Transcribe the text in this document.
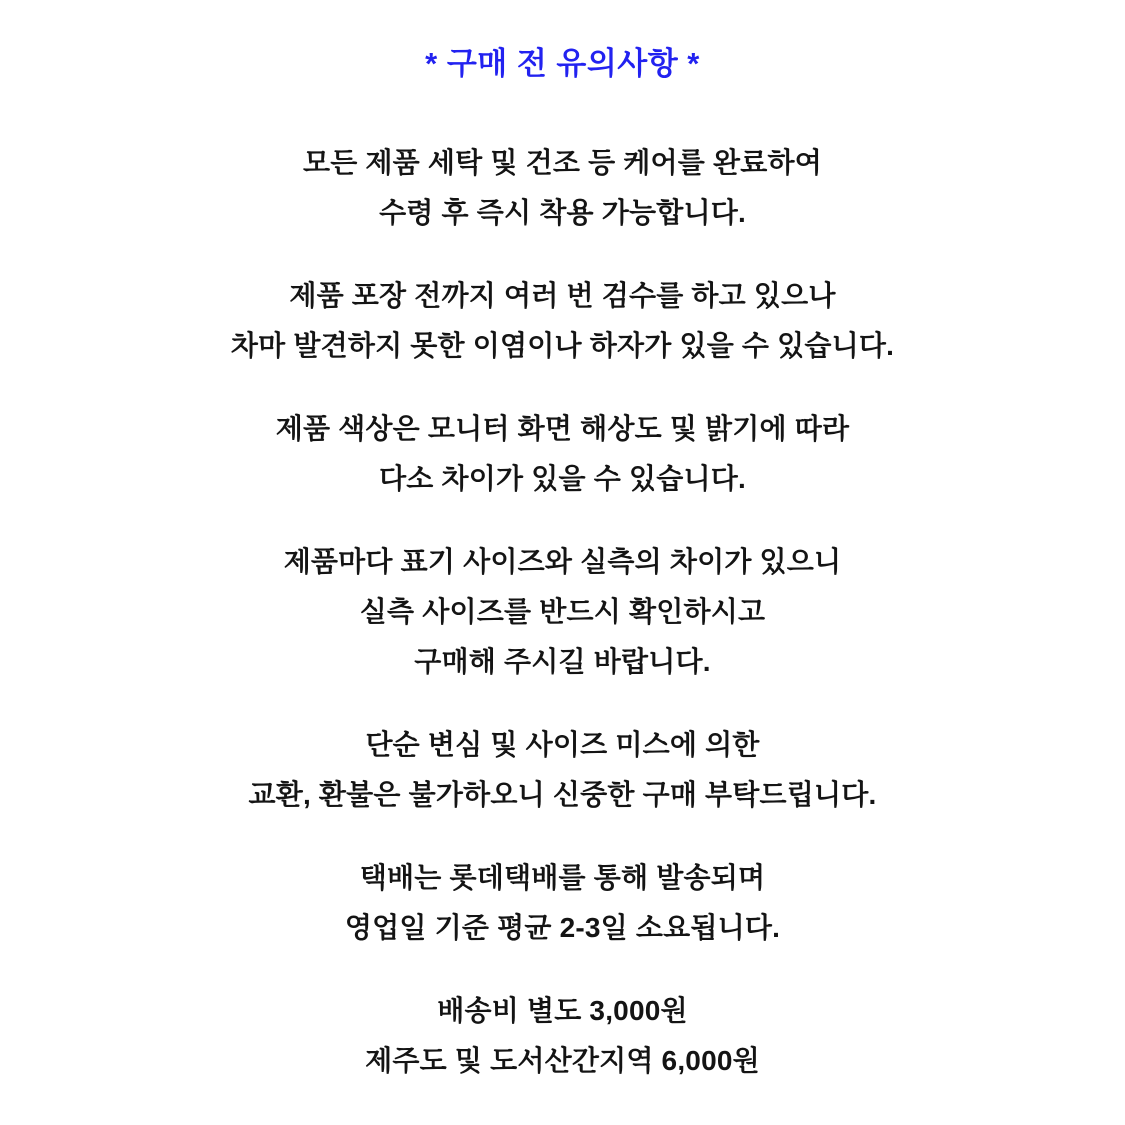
* 구매 전 유의사항 *

모든 제품 세탁 및 건조 등 케어를 완료하여
수령 후 즉시 착용 가능합니다.

제품 포장 전까지 여러 번 검수를 하고 있으나
차마 발견하지 못한 이염이나 하자가 있을 수 있습니다.

제품 색상은 모니터 화면 해상도 및 밝기에 따라
다소 차이가 있을 수 있습니다.

제품마다 표기 사이즈와 실측의 차이가 있으니
실측 사이즈를 반드시 확인하시고
구매해 주시길 바랍니다.

단순 변심 및 사이즈 미스에 의한
교환, 환불은 불가하오니 신중한 구매 부탁드립니다.

택배는 롯데택배를 통해 발송되며
영업일 기준 평균 2-3일 소요됩니다.

배송비 별도 3,000원
제주도 및 도서산간지역 6,000원
